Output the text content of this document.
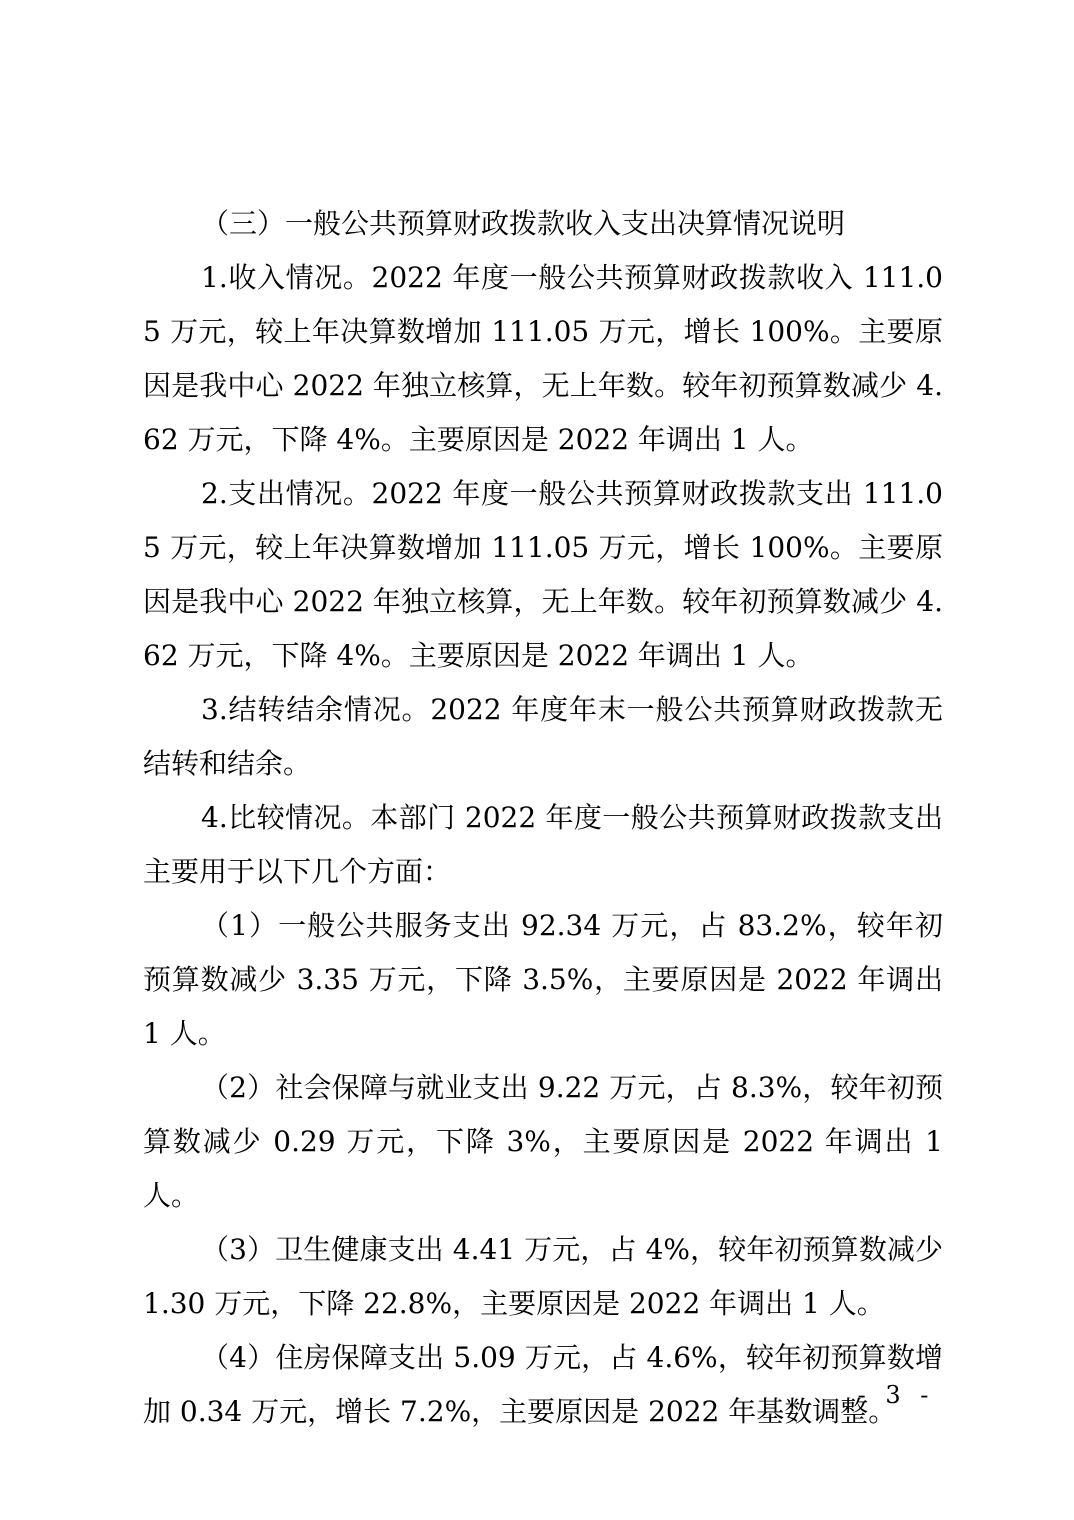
（三）一般公共预算财政拨款收入支出决算情况说明

1.收入情况。2022 年度一般公共预算财政拨款收入 111.05 万元，较上年决算数增加 111.05 万元，增长 100%。主要原因是我中心 2022 年独立核算，无上年数。较年初预算数减少 4.62 万元，下降 4%。主要原因是 2022 年调出 1 人。

2.支出情况。2022 年度一般公共预算财政拨款支出 111.05 万元，较上年决算数增加 111.05 万元，增长 100%。主要原因是我中心 2022 年独立核算，无上年数。较年初预算数减少 4.62 万元，下降 4%。主要原因是 2022 年调出 1 人。

3.结转结余情况。2022 年度年末一般公共预算财政拨款无结转和结余。

4.比较情况。本部门 2022 年度一般公共预算财政拨款支出主要用于以下几个方面：

（1）一般公共服务支出 92.34 万元，占 83.2%，较年初预算数减少 3.35 万元，下降 3.5%，主要原因是 2022 年调出 1 人。

（2）社会保障与就业支出 9.22 万元，占 8.3%，较年初预算数减少 0.29 万元，下降 3%，主要原因是 2022 年调出 1 人。

（3）卫生健康支出 4.41 万元，占 4%，较年初预算数减少 1.30 万元，下降 22.8%，主要原因是 2022 年调出 1 人。

（4）住房保障支出 5.09 万元，占 4.6%，较年初预算数增加 0.34 万元，增长 7.2%，主要原因是 2022 年基数调整。

- 3 -
